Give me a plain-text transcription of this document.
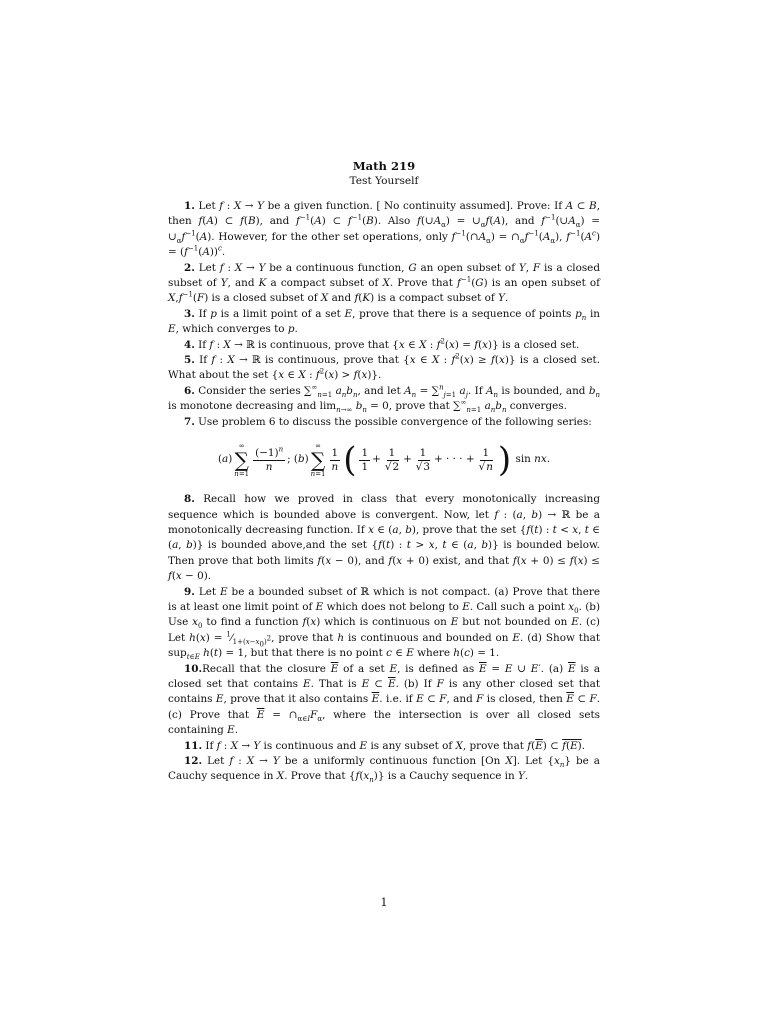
Math 219
Test Yourself

1. Let f : X → Y be a given function. [ No continuity assumed]. Prove: If A ⊂ B, then f(A) ⊂ f(B), and $f^{-1}(A)$ ⊂ $f^{-1}(B)$. Also $f(\cup A_\alpha)$ = $\cup_\alpha f(A)$, and $f^{-1}(\cup A_\alpha)$ = $\cup_\alpha f^{-1}(A)$. However, for the other set operations, only $f^{-1}(\cap A_\alpha)$ = $\cap_\alpha f^{-1}(A_\alpha)$, $f^{-1}(A^c) = (f^{-1}(A))^c$.

2. Let f : X → Y be a continuous function, G an open subset of Y, F is a closed subset of Y, and K a compact subset of X. Prove that $f^{-1}(G)$ is an open subset of $X,f^{-1}(F)$ is a closed subset of X and f(K) is a compact subset of Y.

3. If p is a limit point of a set E, prove that there is a sequence of points $p_n$ in E, which converges to p.

4. If f : X → ℝ is continuous, prove that {x ∈ X : $f^2(x) = f(x)$} is a closed set.

5. If f : X → ℝ is continuous, prove that {x ∈ X : $f^2(x) \ge f(x)$} is a closed set. What about the set {x ∈ X : $f^2(x) > f(x)$}.

6. Consider the series $\sum^\infty_{n=1}$ $a_nb_n$, and let $A_n = \sum^n_{j=1}$ $a_j$. If $A_n$ is bounded, and $b_n$ is monotone decreasing and $\lim_{n\to\infty} b_n = 0$, prove that $\sum^\infty_{n=1}$ $a_nb_n$ converges.

7. Use problem 6 to discuss the possible convergence of the following series:

(a)
∞
∑
n=1
$\frac{(-1)^n}{n}$ ; (b)
∞
∑
n=1
$\frac{1}{n}$ ( $\frac{1}{1} + \frac{1}{√2} + \frac{1}{√3}$ + · · · + $\frac{1}{√n}$ ) sin nx.

8. Recall how we proved in class that every monotonically increasing sequence which is bounded above is convergent. Now, let f : (a, b) → ℝ be a monotonically decreasing function. If x ∈ (a, b), prove that the set {f(t) : t < x, t ∈ (a, b)} is bounded above,and the set {f(t) : t > x, t ∈ (a, b)} is bounded below. Then prove that both limits f(x − 0), and f(x + 0) exist, and that f(x + 0) ≤ f(x) ≤ f(x − 0).

9. Let E be a bounded subset of ℝ which is not compact. (a) Prove that there is at least one limit point of E which does not belong to E. Call such a point $x_0$. (b) Use $x_0$ to find a function f(x) which is continuous on E but not bounded on E. (c) Let $h(x) = ^1⁄_{1+(x-x_0)^2}$, prove that h is continuous and bounded on E. (d) Show that sup$_{t\in E}$ h(t) = 1, but that there is no point c ∈ E where h(c) = 1.

10.Recall that the closure $\overline{E}$ of a set E, is defined as $\overline{E} = E$ ∪ E′. (a) $\overline{E}$ is a closed set that contains E. That is E ⊂ $\overline{E}$. (b) If F is any other closed set that contains E, prove that it also contains $\overline{E}$. i.e. if E ⊂ F, and F is closed, then $\overline{E}$ ⊂ F. (c) Prove that $\overline{E}$ = $\cap_{\alpha\in I}F_\alpha$, where the intersection is over all closed sets containing E.

11. If f : X → Y is continuous and E is any subset of X, prove that $f(\overline{E})$ ⊂ f(E).

12. Let f : X → Y be a uniformly continuous function [On X]. Let $\{x_n\}$ be a Cauchy sequence in X. Prove that $\{f(x_n)\}$ is a Cauchy sequence in Y.

1
